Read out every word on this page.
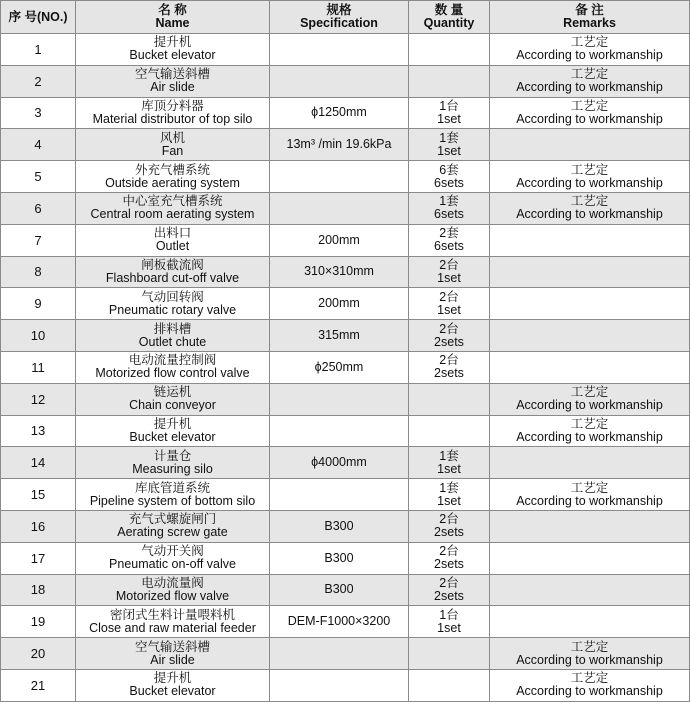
序 号(NO.)	名 称
Name	规格
Specification	数 量
Quantity	备 注
Remarks

1	提升机
Bucket elevator			工艺定
According to workmanship

2	空气输送斜槽
Air slide			工艺定
According to workmanship

3	库顶分料器
Material distributor of top silo	ϕ1250mm	1台
1set	工艺定
According to workmanship

4	风机
Fan	13m³ /min 19.6kPa	1套
1set	

5	外充气槽系统
Outside aerating system		6套
6sets	工艺定
According to workmanship

6	中心室充气槽系统
Central room aerating system		1套
6sets	工艺定
According to workmanship

7	出料口
Outlet	200mm	2套
6sets	

8	闸板截流阀
Flashboard cut-off valve	310×310mm	2台
1set	

9	气动回转阀
Pneumatic rotary valve	200mm	2台
1set	

10	排料槽
Outlet chute	315mm	2台
2sets	

11	电动流量控制阀
Motorized flow control valve	ϕ250mm	2台
2sets	

12	链运机
Chain conveyor			工艺定
According to workmanship

13	提升机
Bucket elevator			工艺定
According to workmanship

14	计量仓
Measuring silo	ϕ4000mm	1套
1set	

15	库底管道系统
Pipeline system of bottom silo		1套
1set	工艺定
According to workmanship

16	充气式螺旋闸门
Aerating screw gate	B300	2台
2sets	

17	气动开关阀
Pneumatic on-off valve	B300	2台
2sets	

18	电动流量阀
Motorized flow valve	B300	2台
2sets	

19	密闭式生料计量喂料机
Close and raw material feeder	DEM-F1000×3200	1台
1set	

20	空气输送斜槽
Air slide			工艺定
According to workmanship

21	提升机
Bucket elevator			工艺定
According to workmanship
